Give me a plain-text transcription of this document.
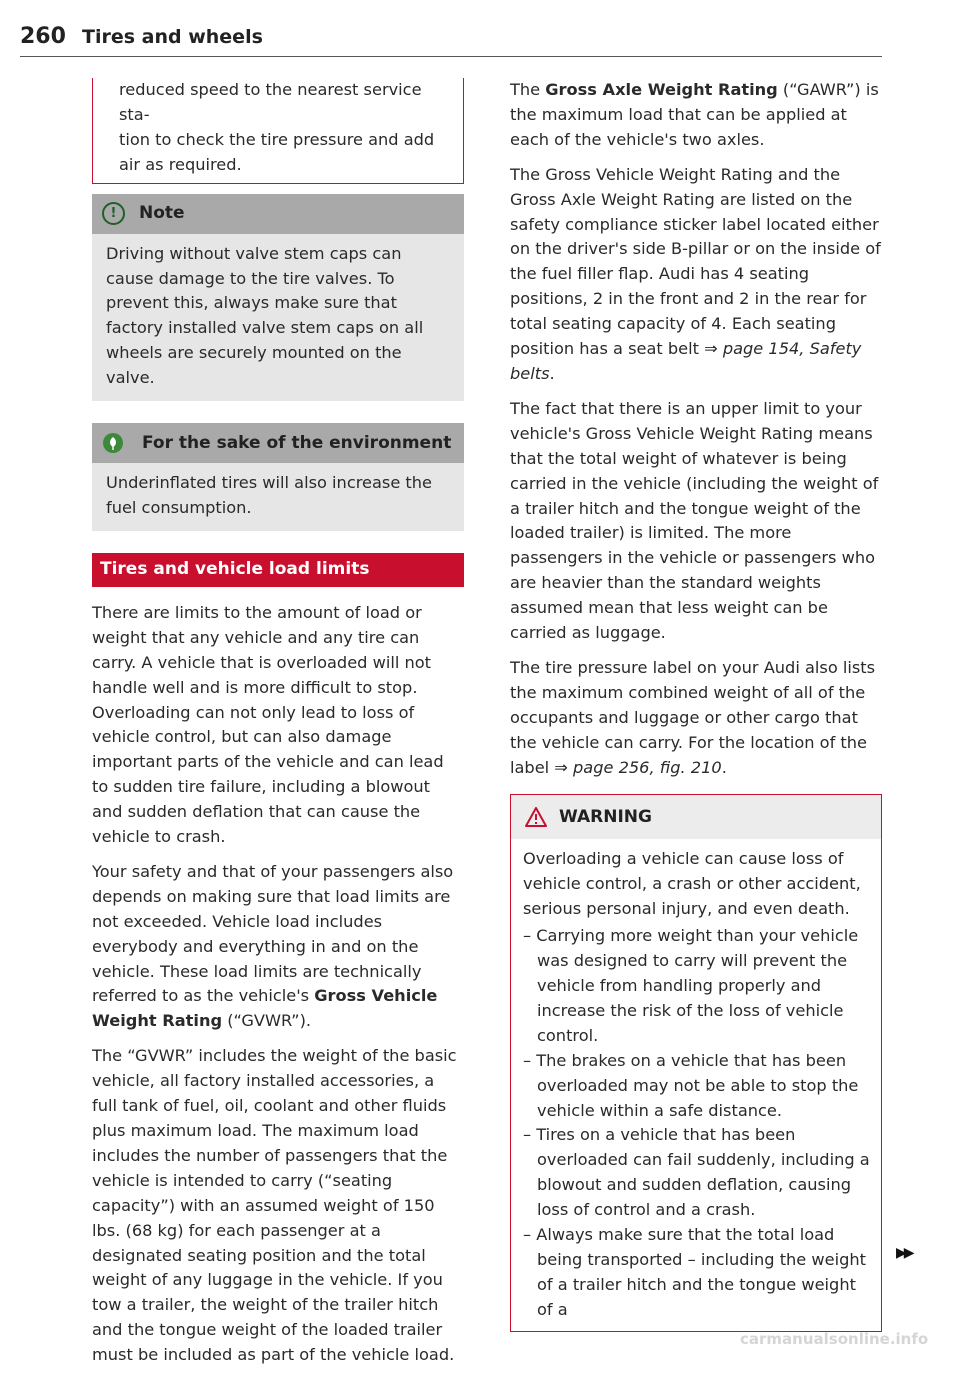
260 Tires and wheels

reduced speed to the nearest service sta-

tion to check the tire pressure and add

air as required.

!	Note

Driving without valve stem caps can cause damage to the tire valves. To prevent this, always make sure that factory installed valve stem caps on all wheels are securely mounted on the valve.

For the sake of the environment

Underinflated tires will also increase the fuel consumption.

Tires and vehicle load limits

There are limits to the amount of load or weight that any vehicle and any tire can carry. A vehicle that is overloaded will not handle well and is more difficult to stop. Overloading can not only lead to loss of vehicle control, but can also damage important parts of the vehicle and can lead to sudden tire failure, including a blowout and sudden deflation that can cause the vehicle to crash.

Your safety and that of your passengers also depends on making sure that load limits are not exceeded. Vehicle load includes everybody and everything in and on the vehicle. These load limits are technically referred to as the vehicle's Gross Vehicle Weight Rating (“GVWR”).

The “GVWR” includes the weight of the basic vehicle, all factory installed accessories, a full tank of fuel, oil, coolant and other fluids plus maximum load. The maximum load includes the number of passengers that the vehicle is intended to carry (“seating capacity”) with an assumed weight of 150 lbs. (68 kg) for each passenger at a designated seating position and the total weight of any luggage in the vehicle. If you tow a trailer, the weight of the trailer hitch and the tongue weight of the loaded trailer must be included as part of the vehicle load.

The Gross Axle Weight Rating (“GAWR”) is the maximum load that can be applied at each of the vehicle's two axles.

The Gross Vehicle Weight Rating and the Gross Axle Weight Rating are listed on the safety compliance sticker label located either on the driver's side B-pillar or on the inside of the fuel filler flap. Audi has 4 seating positions, 2 in the front and 2 in the rear for total seating capacity of 4. Each seating position has a seat belt ⇒ page 154, Safety belts.

The fact that there is an upper limit to your vehicle's Gross Vehicle Weight Rating means that the total weight of whatever is being carried in the vehicle (including the weight of a trailer hitch and the tongue weight of the loaded trailer) is limited. The more passengers in the vehicle or passengers who are heavier than the standard weights assumed mean that less weight can be carried as luggage.

The tire pressure label on your Audi also lists the maximum combined weight of all of the occupants and luggage or other cargo that the vehicle can carry. For the location of the label ⇒ page 256, fig. 210.

WARNING

Overloading a vehicle can cause loss of vehicle control, a crash or other accident, serious personal injury, and even death.

– Carrying more weight than your vehicle was designed to carry will prevent the vehicle from handling properly and increase the risk of the loss of vehicle control.
– The brakes on a vehicle that has been overloaded may not be able to stop the vehicle within a safe distance.
– Tires on a vehicle that has been overloaded can fail suddenly, including a blowout and sudden deflation, causing loss of control and a crash.
– Always make sure that the total load being transported – including the weight of a trailer hitch and the tongue weight of a
▶▶
carmanualsonline.info
